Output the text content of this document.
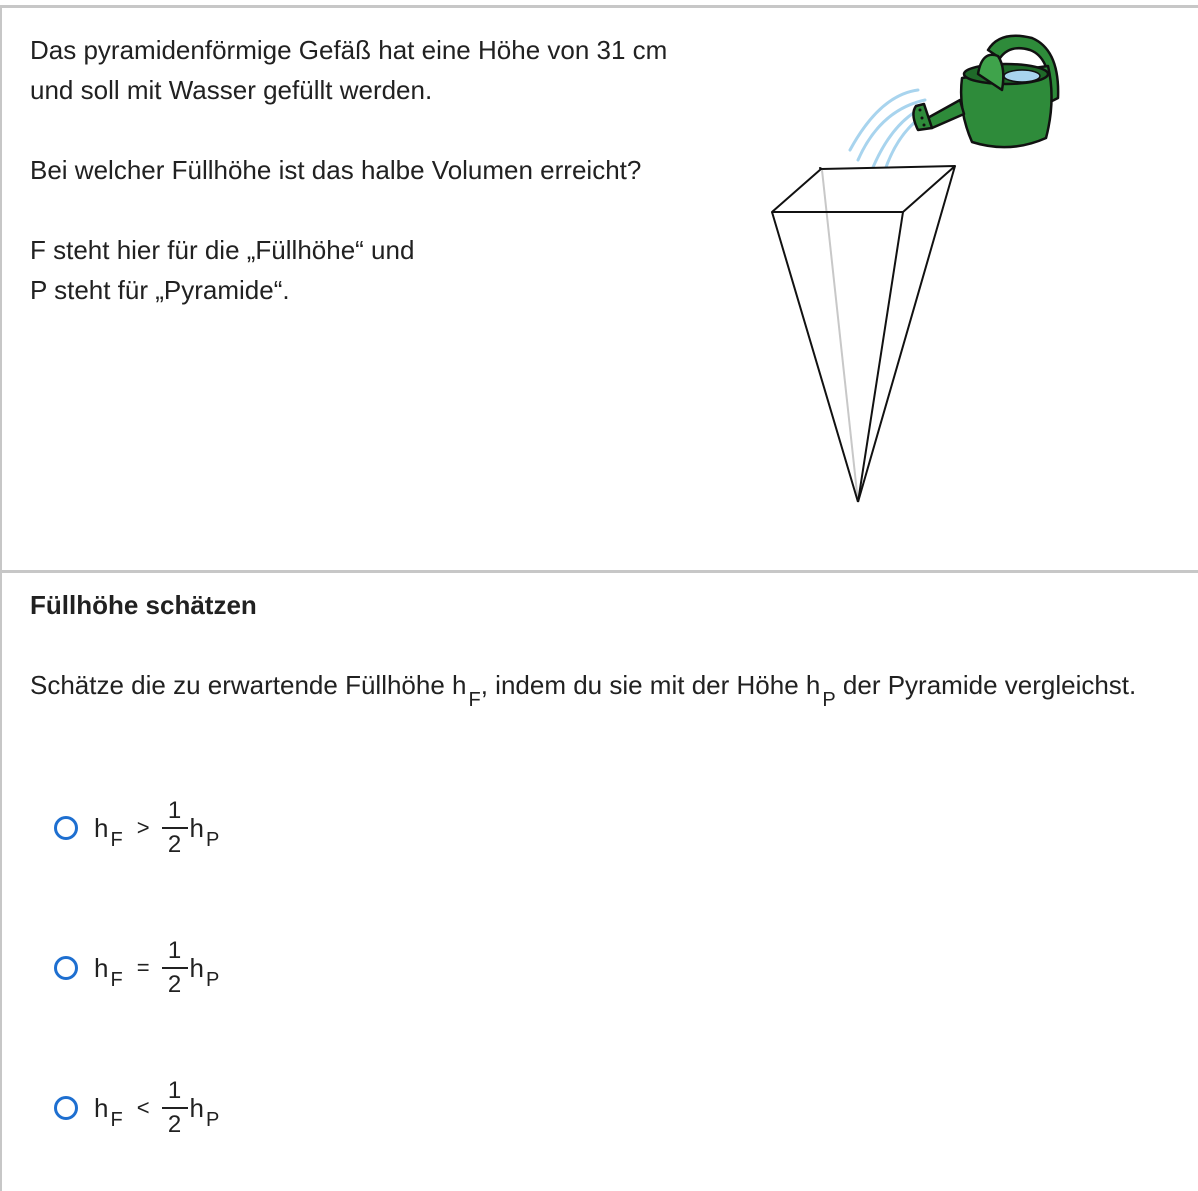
Das pyramidenförmige Gefäß hat eine Höhe von 31 cm

und soll mit Wasser gefüllt werden.

Bei welcher Füllhöhe ist das halbe Volumen erreicht?

F steht hier für die „Füllhöhe“ und

P steht für „Pyramide“.

Füllhöhe schätzen
Schätze die zu erwartende Füllhöhe h $_F$, indem du sie mit der Höhe h $_P$ der Pyramide vergleichst.
h $F > \frac{1}{2}$ h P
h $F = \frac{1}{2}$ h P
h $F < \frac{1}{2}$ h P
